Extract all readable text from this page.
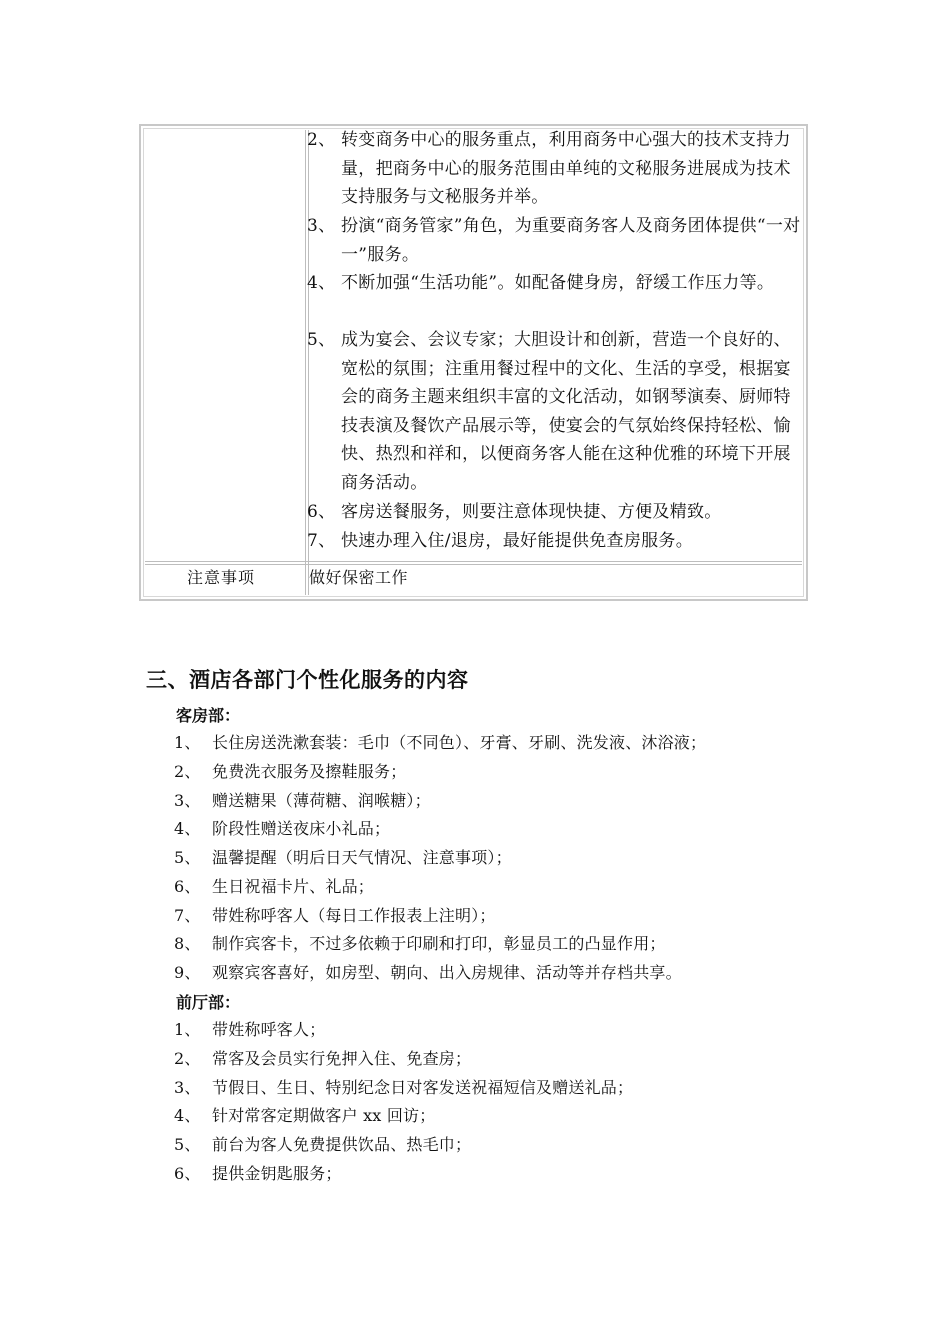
2、 转变商务中心的服务重点，利用商务中心强大的技术支持力量，把商务中心的服务范围由单纯的文秘服务进展成为技术支持服务与文秘服务并举。
3、 扮演“商务管家”角色，为重要商务客人及商务团体提供“一对一”服务。
4、 不断加强“生活功能”。如配备健身房，舒缓工作压力等。
5、 成为宴会、会议专家；大胆设计和创新，营造一个良好的、宽松的氛围；注重用餐过程中的文化、生活的享受，根据宴会的商务主题来组织丰富的文化活动，如钢琴演奏、厨师特技表演及餐饮产品展示等，使宴会的气氛始终保持轻松、愉快、热烈和祥和，以便商务客人能在这种优雅的环境下开展商务活动。
6、 客房送餐服务，则要注意体现快捷、方便及精致。
7、 快速办理入住/退房，最好能提供免查房服务。
注意事项	做好保密工作
三、酒店各部门个性化服务的内容
客房部：
1、 长住房送洗漱套装：毛巾（不同色）、牙膏、牙刷、洗发液、沐浴液；
2、 免费洗衣服务及擦鞋服务；
3、 赠送糖果（薄荷糖、润喉糖）；
4、 阶段性赠送夜床小礼品；
5、 温馨提醒（明后日天气情况、注意事项）；
6、 生日祝福卡片、礼品；
7、 带姓称呼客人（每日工作报表上注明）；
8、 制作宾客卡，不过多依赖于印刷和打印，彰显员工的凸显作用；
9、 观察宾客喜好，如房型、朝向、出入房规律、活动等并存档共享。
前厅部：
1、 带姓称呼客人；
2、 常客及会员实行免押入住、免查房；
3、 节假日、生日、特别纪念日对客发送祝福短信及赠送礼品；
4、 针对常客定期做客户 xx 回访；
5、 前台为客人免费提供饮品、热毛巾；
6、 提供金钥匙服务；
